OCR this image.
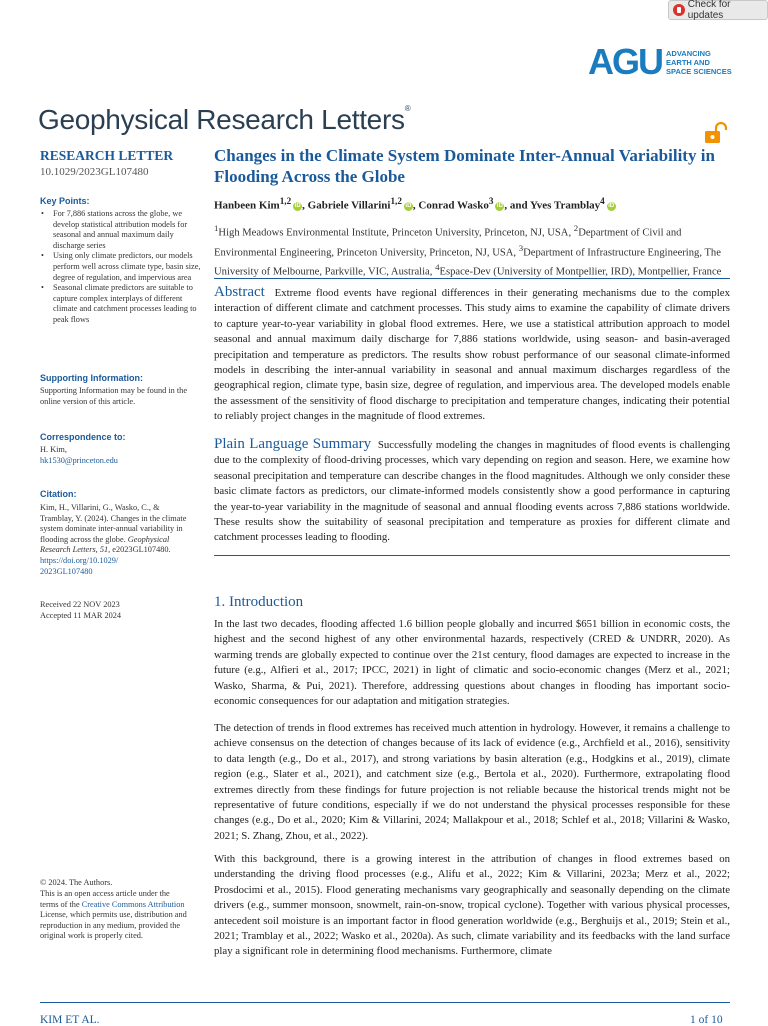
Check for updates
AGU ADVANCING
EARTH AND
SPACE SCIENCES
Geophysical Research Letters®
RESEARCH LETTER
10.1029/2023GL107480
Key Points:
• For 7,886 stations across the globe, we develop statistical attribution models for seasonal and annual maximum daily discharge series
• Using only climate predictors, our models perform well across climate type, basin size, degree of regulation, and impervious area
• Seasonal climate predictors are suitable to capture complex interplays of different climate and catchment processes leading to peak flows
Supporting Information:
Supporting Information may be found in the online version of this article.
Correspondence to:
H. Kim,
hk1530@princeton.edu
Citation:
Kim, H., Villarini, G., Wasko, C., & Tramblay, Y. (2024). Changes in the climate system dominate inter-annual variability in flooding across the globe. Geophysical Research Letters, 51, e2023GL107480. https://doi.org/10.1029/
2023GL107480
Received 22 NOV 2023
Accepted 11 MAR 2024
© 2024. The Authors.
This is an open access article under the terms of the Creative Commons Attribution License, which permits use, distribution and reproduction in any medium, provided the original work is properly cited.
Changes in the Climate System Dominate Inter-Annual Variability in Flooding Across the Globe
Hanbeen Kim$^{1,2}$ iD , Gabriele Villarini$^{1,2}$ iD , Conrad Wasko$^3$ iD , and Yves Tramblay$^4$ iD
$^1$High Meadows Environmental Institute, Princeton University, Princeton, NJ, USA, $^2$Department of Civil and Environmental Engineering, Princeton University, Princeton, NJ, USA, $^3$Department of Infrastructure Engineering, The University of Melbourne, Parkville, VIC, Australia, $^4$Espace-Dev (University of Montpellier, IRD), Montpellier, France
Abstract Extreme flood events have regional differences in their generating mechanisms due to the complex interaction of different climate and catchment processes. This study aims to examine the capability of climate drivers to capture year-to-year variability in global flood extremes. Here, we use a statistical attribution approach to model seasonal and annual maximum daily discharge for 7,886 stations worldwide, using season- and basin-averaged precipitation and temperature as predictors. The results show robust performance of our seasonal climate-informed models in describing the inter-annual variability in seasonal and annual maximum discharges regardless of the geographical region, climate type, basin size, degree of regulation, and impervious area. The developed models enable the assessment of the sensitivity of flood discharge to precipitation and temperature changes, indicating their potential to reliably project changes in the magnitude of flood extremes.
Plain Language Summary Successfully modeling the changes in magnitudes of flood events is challenging due to the complexity of flood-driving processes, which vary depending on region and season. Here, we examine how seasonal precipitation and temperature can describe changes in the flood magnitudes. Although we only consider these basic climate factors as predictors, our climate-informed models consistently show a good performance in capturing the year-to-year variability in the magnitude of seasonal and annual flooding events across 7,886 stations worldwide. These results show the suitability of seasonal precipitation and temperature as proxies for different climate and catchment processes leading to flooding.
1. Introduction
In the last two decades, flooding affected 1.6 billion people globally and incurred $651 billion in economic costs, the highest and the second highest of any other environmental hazards, respectively (CRED & UNDRR, 2020). As warming trends are globally expected to continue over the 21st century, flood damages are expected to increase in the future (e.g., Alfieri et al., 2017; IPCC, 2021) in light of climatic and socio-economic changes (Merz et al., 2021; Wasko, Sharma, & Pui, 2021). Therefore, addressing questions about changes in flooding has important socio-economic consequences for our adaptation and mitigation strategies.
The detection of trends in flood extremes has received much attention in hydrology. However, it remains a challenge to achieve consensus on the detection of changes because of its lack of evidence (e.g., Archfield et al., 2016), sensitivity to data length (e.g., Do et al., 2017), and strong variations by basin alteration (e.g., Hodgkins et al., 2019), climate region (e.g., Slater et al., 2021), and catchment size (e.g., Bertola et al., 2020). Furthermore, extrapolating flood extremes directly from these findings for future projection is not reliable because the historical trends might not be representative of future conditions, especially if we do not understand the physical processes responsible for these changes (e.g., Do et al., 2020; Kim & Villarini, 2024; Mallakpour et al., 2018; Schlef et al., 2018; Villarini & Wasko, 2021; S. Zhang, Zhou, et al., 2022).
With this background, there is a growing interest in the attribution of changes in flood extremes based on understanding the driving flood processes (e.g., Alifu et al., 2022; Kim & Villarini, 2023a; Merz et al., 2022; Prosdocimi et al., 2015). Flood generating mechanisms vary geographically and seasonally depending on the climate drivers (e.g., summer monsoon, snowmelt, rain-on-snow, tropical cyclone). Together with various physical processes, antecedent soil moisture is an important factor in flood generation worldwide (e.g., Berghuijs et al., 2019; Stein et al., 2021; Tramblay et al., 2022; Wasko et al., 2020a). As such, climate variability and its feedbacks with the land surface play a significant role in determining flood mechanisms. Furthermore, climate
KIM ET AL.	1 of 10
